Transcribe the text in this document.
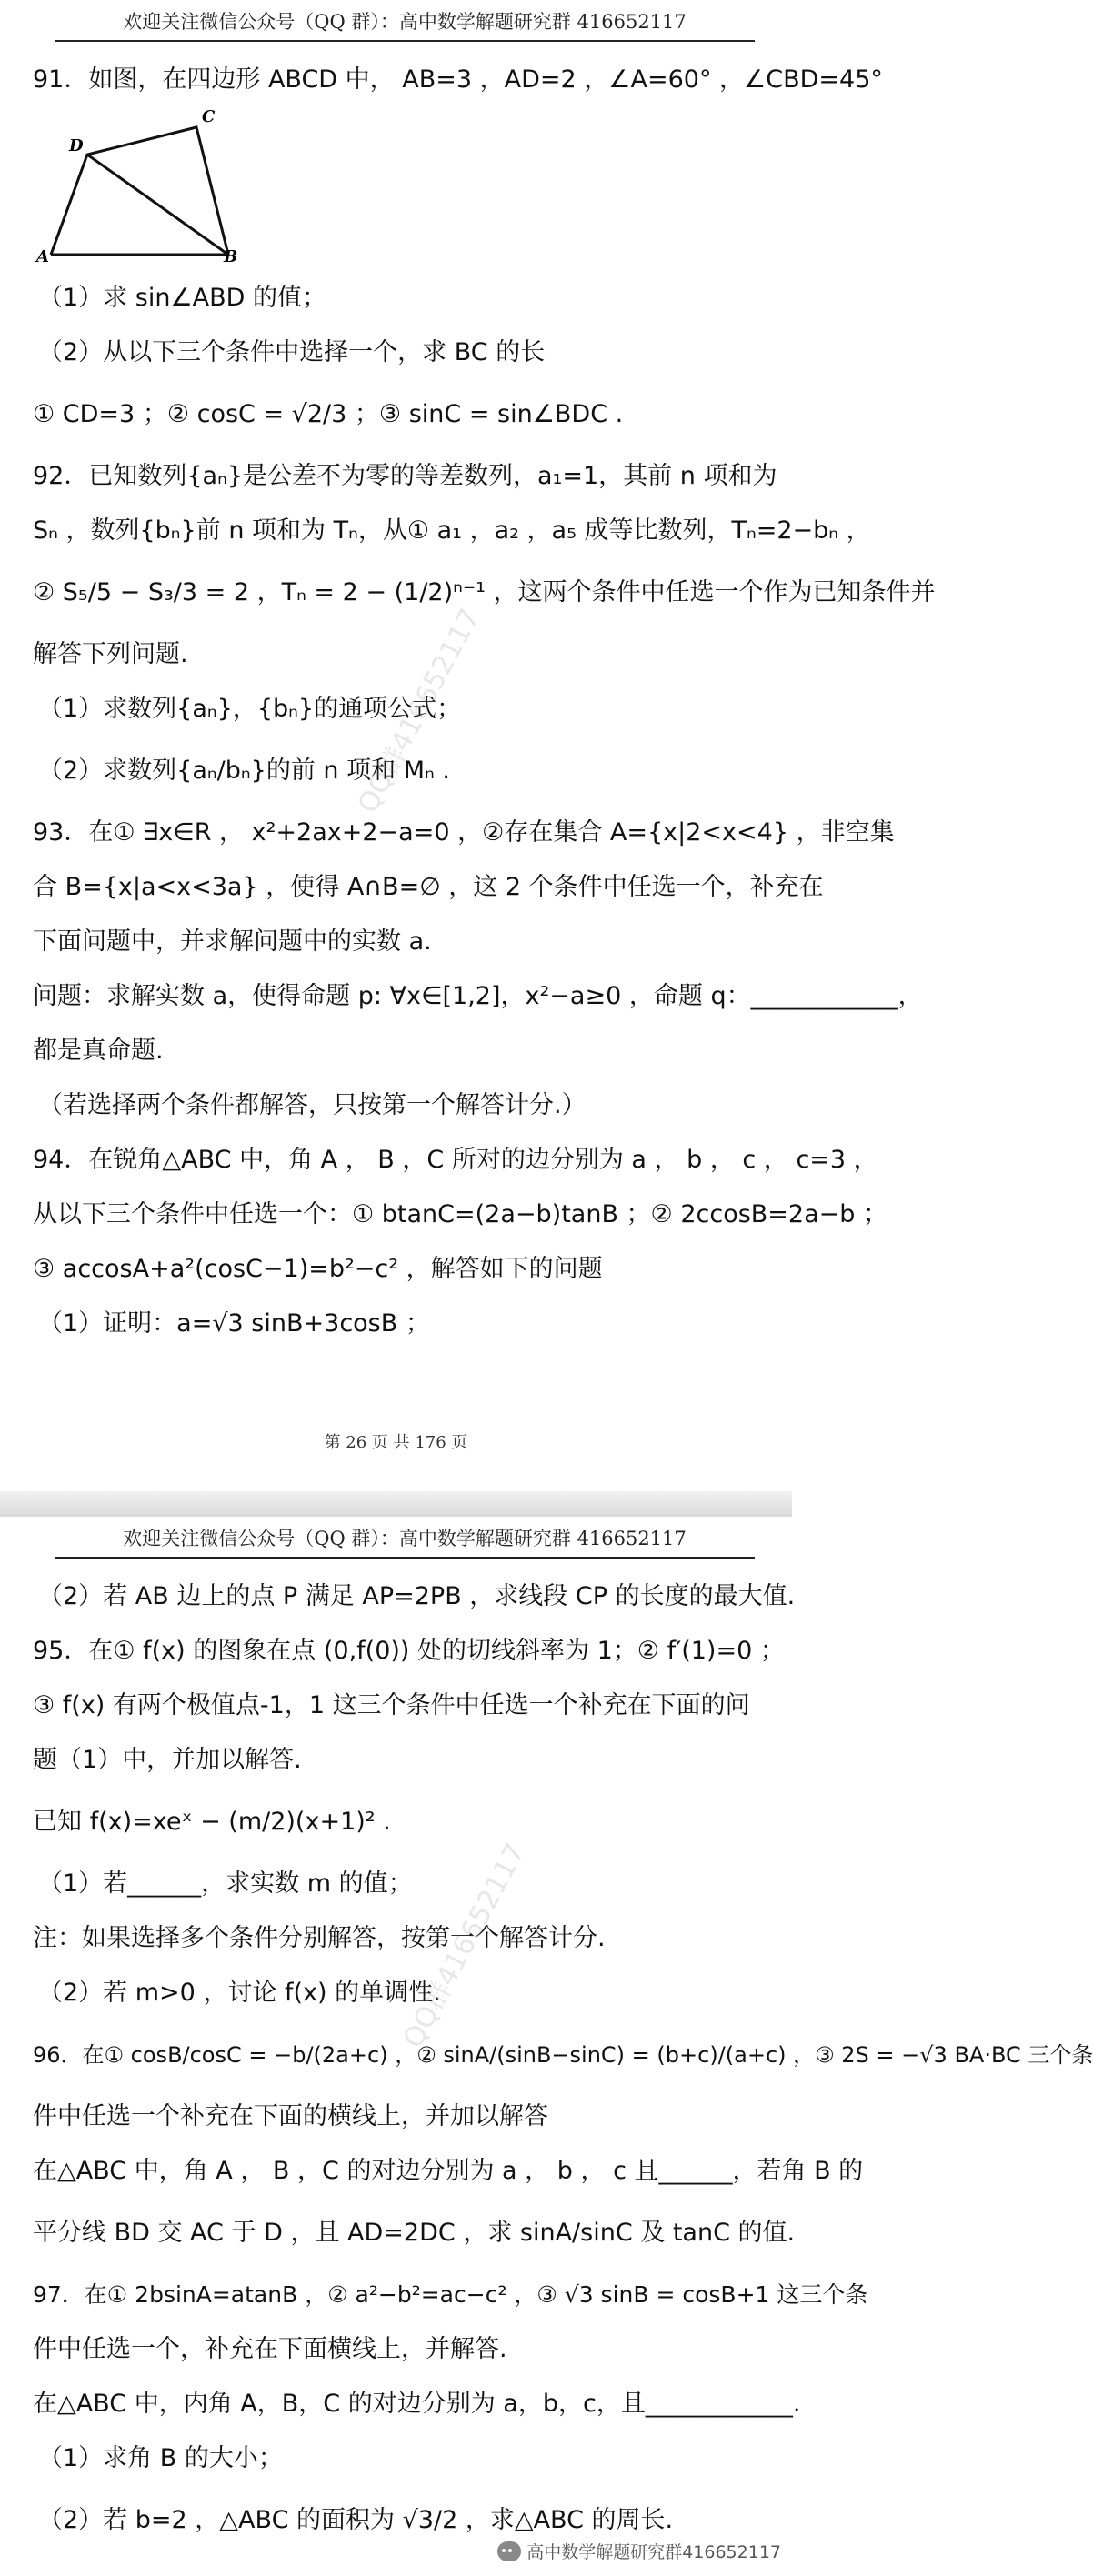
欢迎关注微信公众号（QQ 群）：高中数学解题研究群 416652117
91．如图，在四边形 ABCD 中， AB=3 ，AD=2 ，∠A=60° ，∠CBD=45°
（1）求 sin∠ABD 的值；
（2）从以下三个条件中选择一个，求 BC 的长
① CD=3 ；② cosC = √2/3 ；③ sinC = sin∠BDC .
92．已知数列{aₙ}是公差不为零的等差数列，a₁=1，其前 n 项和为
Sₙ ，数列{bₙ}前 n 项和为 Tₙ，从① a₁ ，a₂ ，a₅ 成等比数列，Tₙ=2−bₙ ，
② S₅/5 − S₃/3 = 2 ，Tₙ = 2 − (1/2)ⁿ⁻¹ ，这两个条件中任选一个作为已知条件并
解答下列问题.
（1）求数列{aₙ}，{bₙ}的通项公式；
（2）求数列{aₙ/bₙ}的前 n 项和 Mₙ .
93．在① ∃x∈R ， x²+2ax+2−a=0 ，②存在集合 A={x|2<x<4} ，非空集
合 B={x|a<x<3a} ，使得 A∩B=∅ ，这 2 个条件中任选一个，补充在
下面问题中，并求解问题中的实数 a.
问题：求解实数 a，使得命题 p: ∀x∈[1,2]，x²−a≥0 ，命题 q：____________，
都是真命题.
（若选择两个条件都解答，只按第一个解答计分.）
94．在锐角△ABC 中，角 A ， B ，C 所对的边分别为 a ， b ， c ， c=3 ，
从以下三个条件中任选一个：① btanC=(2a−b)tanB ；② 2ccosB=2a−b ；
③ accosA+a²(cosC−1)=b²−c² ，解答如下的问题
（1）证明：a=√3 sinB+3cosB ；
A	B
C
D
QQ群416652117
第 26 页 共 176 页
欢迎关注微信公众号（QQ 群）：高中数学解题研究群 416652117
（2）若 AB 边上的点 P 满足 AP=2PB ，求线段 CP 的长度的最大值.
95．在① f(x) 的图象在点 (0,f(0)) 处的切线斜率为 1；② f′(1)=0 ；
③ f(x) 有两个极值点-1，1 这三个条件中任选一个补充在下面的问
题（1）中，并加以解答.
已知 f(x)=xeˣ − (m/2)(x+1)² .
（1）若______，求实数 m 的值；
注：如果选择多个条件分别解答，按第一个解答计分.
（2）若 m>0 ，讨论 f(x) 的单调性.
96．在① cosB/cosC = −b/(2a+c) ，② sinA/(sinB−sinC) = (b+c)/(a+c) ，③ 2S = −√3 BA·BC 三个条
件中任选一个补充在下面的横线上，并加以解答
在△ABC 中，角 A ， B ，C 的对边分别为 a ， b ， c 且______，若角 B 的
平分线 BD 交 AC 于 D ，且 AD=2DC ，求 sinA/sinC 及 tanC 的值.
97．在① 2bsinA=atanB ，② a²−b²=ac−c² ，③ √3 sinB = cosB+1 这三个条
件中任选一个，补充在下面横线上，并解答.
在△ABC 中，内角 A，B，C 的对边分别为 a，b，c，且____________.
（1）求角 B 的大小；
（2）若 b=2 ，△ABC 的面积为 √3/2 ，求△ABC 的周长.
QQ群416652117
高中数学解题研究群416652117
